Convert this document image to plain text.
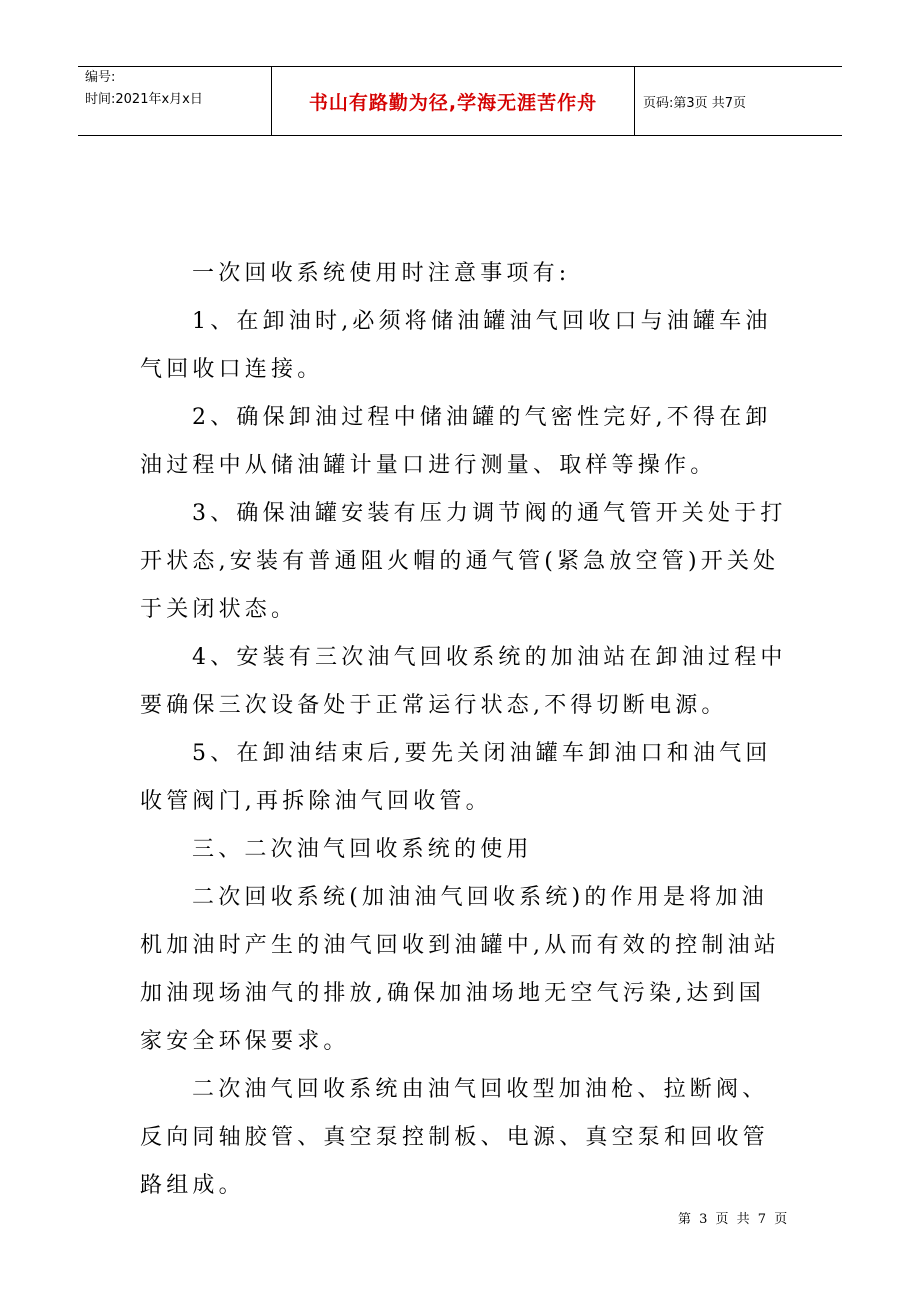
编号:
时间:2021年x月x日	书山有路勤为径,学海无涯苦作舟	页码:第3页 共7页

一次回收系统使用时注意事项有:

1、在卸油时,必须将储油罐油气回收口与油罐车油气回收口连接。

2、确保卸油过程中储油罐的气密性完好,不得在卸油过程中从储油罐计量口进行测量、取样等操作。

3、确保油罐安装有压力调节阀的通气管开关处于打开状态,安装有普通阻火帽的通气管(紧急放空管)开关处于关闭状态。

4、安装有三次油气回收系统的加油站在卸油过程中要确保三次设备处于正常运行状态,不得切断电源。

5、在卸油结束后,要先关闭油罐车卸油口和油气回收管阀门,再拆除油气回收管。

三、二次油气回收系统的使用

二次回收系统(加油油气回收系统)的作用是将加油机加油时产生的油气回收到油罐中,从而有效的控制油站加油现场油气的排放,确保加油场地无空气污染,达到国家安全环保要求。

二次油气回收系统由油气回收型加油枪、拉断阀、反向同轴胶管、真空泵控制板、电源、真空泵和回收管路组成。

第 3 页 共 7 页
